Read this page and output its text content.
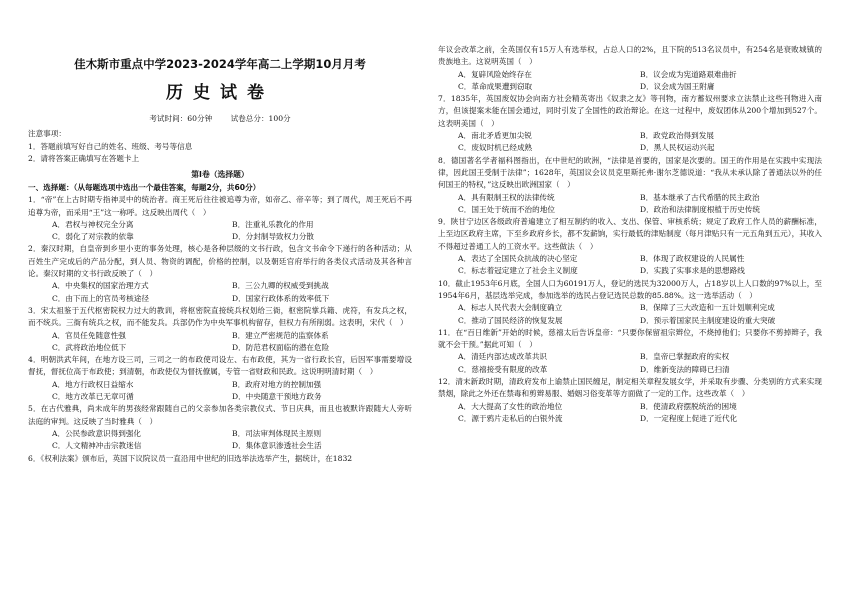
佳木斯市重点中学2023-2024学年高二上学期10月月考
历史试卷
考试时间：60分钟 试卷总分：100分
注意事项：
1．答题前填写好自己的姓名、班级、考号等信息
2．请将答案正确填写在答题卡上
第Ⅰ卷（选择题）
一、选择题：（从每题选项中选出一个最佳答案，每题2分，共60分）

1．“帝”在上古时期专指神灵中的统治者。商王死后往往被追尊为帝，如帝乙、帝辛等；到了周代，周王死后不再追尊为帝，而采用“王”这一称呼。这反映出周代（　）

A．君权与神权完全分离	B．注重礼乐教化的作用
C．弱化了对宗教的依靠	D．分封制导致权力分散

2．秦汉时期，自皇帝到乡里小吏的事务处理，核心是各种层级的文书行政，包含文书命令下递行的各种活动；从百姓生产完成后的产品分配，到人员、物资的调配，价格的控制，以及朝廷官府举行的各类仪式活动及其各种言论。秦汉时期的文书行政反映了（　）

A．中央集权的国家治理方式	B．三公九卿的权威受到挑战
C．由下而上的官员考核途径	D．国家行政体系的效率低下

3．宋太祖鉴于五代枢密院权力过大的教训，将枢密院直接统兵权划给三衙，枢密院掌兵籍、虎符，有发兵之权，而不统兵。三衙有统兵之权，而不能发兵。兵部仍作为中央军事机构留存，但权力有所削弱。这表明，宋代（　）

A．官员任免随意性强	B．建立严密规范的监察体系
C．武将政治地位低下	D．防范君权面临的潜在危险

4．明朝洪武年间，在地方设三司，三司之一的布政使司设左、右布政使，其为一省行政长官，后因军事需要增设督抚，督抚位高于布政使；到清朝，布政使仅为督抚僚属，专管一省财政和民政。这说明明清时期（　）

A．地方行政权日益缩水	B．政府对地方的控制加强
C．地方改革已无章可循	D．中央随意干预地方政务

5．在古代雅典，尚未成年的男孩经常跟随自己的父亲参加各类宗教仪式、节日庆典，而且也被默许跟随大人旁听法庭的审判。这反映了当时雅典（　）

A．公民参政意识得到强化	B．司法审判体现民主原则
C．人文精神冲击宗教迷信	D．集体意识渗透社会生活

6．《权利法案》颁布后，英国下议院议员一直沿用中世纪的旧选举法选举产生，据统计，在1832

年议会改革之前，全英国仅有15万人有选举权，占总人口的2%，且下院的513名议员中，有254名是衰败城镇的贵族地主。这说明英国（　）

A．复辟风险始终存在	B．议会成为宪道路艰难曲折
C．革命成果遭到窃取	D．议会成为国王附庸

7．1835年，英国废奴协会向南方社会精英寄出《奴隶之友》等刊物，南方蓄奴州要求立法禁止这些刊物进入南方，但该提案未能在国会通过，同时引发了全国性的政治辩论。在这一过程中，废奴团体从200个增加到527个。这表明美国（　）

A．南北矛盾更加尖锐	B．政党政治得到发展
C．废奴时机已经成熟	D．黑人民权运动兴起

8．德国著名学者福科图指出，在中世纪的欧洲，“法律是首要的，国家是次要的。国王的作用是在实践中实现法律，因此国王受制于法律”；1628年，英国议会议员克里斯托弗·谢尔芝德说道：“我从未承认除了普通法以外的任何国王的特权，”这反映出欧洲国家（　）

A．具有限制王权的法律传统	B．基本继承了古代希腊的民主政治
C．国王处于统而不治的地位	D．政治和法律制度根植于历史传统

9．陕甘宁边区各级政府普遍建立了相互制约的收入、支出、保管、审核系统；规定了政府工作人员的薪酬标准，上至边区政府主席，下至乡政府乡长，都不发薪饷，实行最低的津贴制度（每月津贴只有一元五角到五元），其收入不得超过普通工人的工资水平。这些做法（　）

A．表达了全国民众抗战的决心坚定	B．体现了政权建设的人民属性
C．标志着冠定建立了社会主义制度	D．实践了实事求是的思想路线

10．截止1953年6月底，全国人口为60191万人，登记的选民为32000万人，占18岁以上人口数的97%以上，至1954年6月，基层选举完成，参加选举的选民占登记选民总数的85.88%。这一选举活动（　）

A．标志人民代表大会制度确立	B．保障了三大改造和一五计划顺利完成
C．推动了国民经济的恢复发展	D．预示着国家民主制度建设的重大突破

11．在“百日维新”开始的时候，慈禧太后告诉皇帝：“只要你保留祖宗辫位，不烧掉他们；只要你不剪掉辫子，我就不会干预。”据此可知（　）

A．清廷内部达成改革共识	B．皇帝已掌握政府的实权
C．慈禧接受有限度的改革	D．维新变法的障碍已扫清

12．清末新政时期，清政府发布上谕禁止国民缠足，制定相关章程发展女学，并采取有步骤、分类别的方式来实现禁烟，除此之外还在禁毒和剪辫易服、婚姻习俗变革等方面做了一定的工作。这些改革（　）

A．大大提高了女性的政治地位	B．使清政府摆脱统治的困境
C．源于鸦片走私后的白银外流	D．一定程度上促进了近代化
